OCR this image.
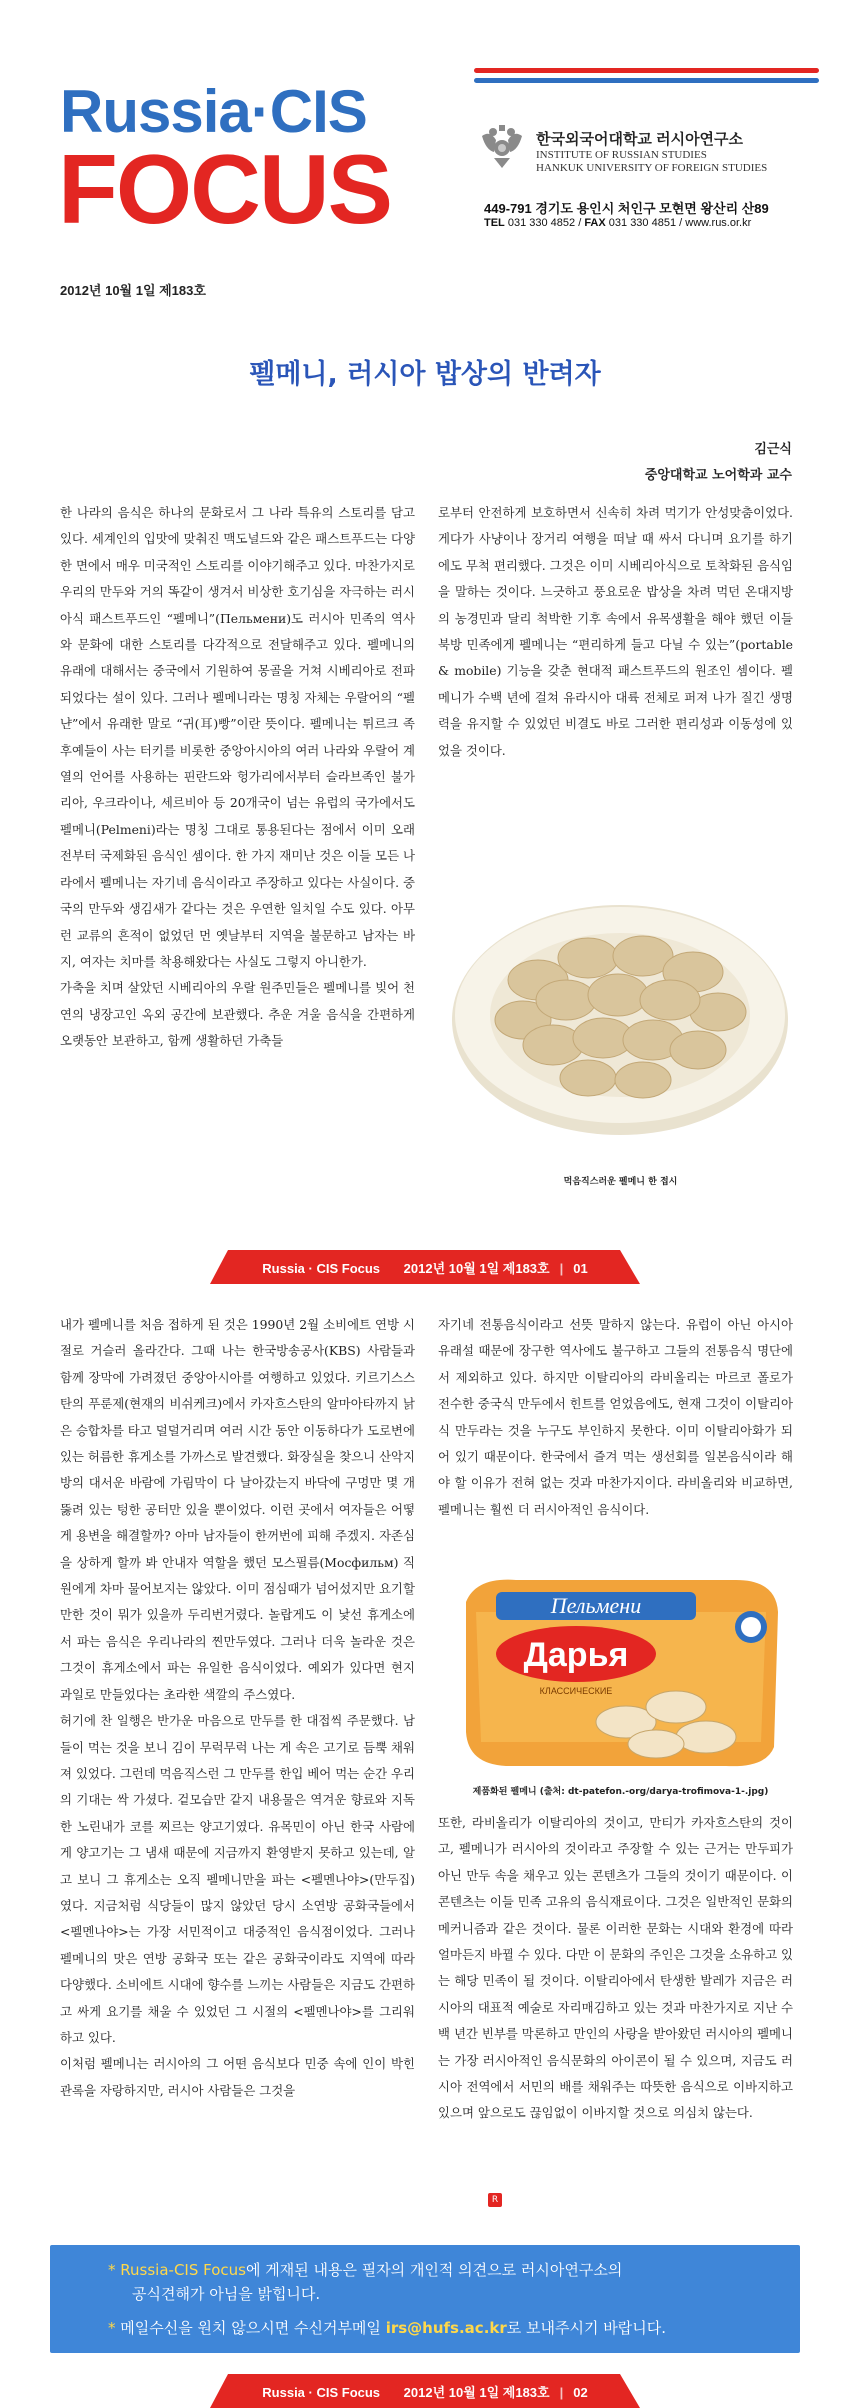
Russia·CIS
FOCUS	한국외국어대학교 러시아연구소
INSTITUTE OF RUSSIAN STUDIES
HANKUK UNIVERSITY OF FOREIGN STUDIES
449-791 경기도 용인시 처인구 모현면 왕산리 산89
TEL 031 330 4852 / FAX 031 330 4851 / www.rus.or.kr
2012년 10월 1일 제183호
펠메니, 러시아 밥상의 반려자
김근식
중앙대학교 노어학과 교수
한 나라의 음식은 하나의 문화로서 그 나라 특유의 스토리를 담고 있다. 세계인의 입맛에 맞춰진 맥도널드와 같은 패스트푸드는 다양한 면에서 매우 미국적인 스토리를 이야기해주고 있다. 마찬가지로 우리의 만두와 거의 똑같이 생겨서 비상한 호기심을 자극하는 러시아식 패스트푸드인 “펠메니”(Пельмени)도 러시아 민족의 역사와 문화에 대한 스토리를 다각적으로 전달해주고 있다. 펠메니의 유래에 대해서는 중국에서 기원하여 몽골을 거쳐 시베리아로 전파되었다는 설이 있다. 그러나 펠메니라는 명칭 자체는 우랄어의 “펠냔”에서 유래한 말로 “귀(耳)빵”이란 뜻이다. 펠메니는 튀르크 족 후예들이 사는 터키를 비롯한 중앙아시아의 여러 나라와 우랄어 계열의 언어를 사용하는 핀란드와 헝가리에서부터 슬라브족인 불가리아, 우크라이나, 세르비아 등 20개국이 넘는 유럽의 국가에서도 펠메니(Pelmeni)라는 명칭 그대로 통용된다는 점에서 이미 오래전부터 국제화된 음식인 셈이다. 한 가지 재미난 것은 이들 모든 나라에서 펠메니는 자기네 음식이라고 주장하고 있다는 사실이다. 중국의 만두와 생김새가 같다는 것은 우연한 일치일 수도 있다. 아무런 교류의 흔적이 없었던 먼 옛날부터 지역을 불문하고 남자는 바지, 여자는 치마를 착용해왔다는 사실도 그렇지 아니한가.
가축을 치며 살았던 시베리아의 우랄 원주민들은 펠메니를 빚어 천연의 냉장고인 옥외 공간에 보관했다. 추운 겨울 음식을 간편하게 오랫동안 보관하고, 함께 생활하던 가축들
로부터 안전하게 보호하면서 신속히 차려 먹기가 안성맞춤이었다. 게다가 사냥이나 장거리 여행을 떠날 때 싸서 다니며 요기를 하기에도 무척 편리했다. 그것은 이미 시베리아식으로 토착화된 음식임을 말하는 것이다. 느긋하고 풍요로운 밥상을 차려 먹던 온대지방의 농경민과 달리 척박한 기후 속에서 유목생활을 해야 했던 이들 북방 민족에게 펠메니는 “편리하게 들고 다닐 수 있는”(portable & mobile) 기능을 갖춘 현대적 패스트푸드의 원조인 셈이다. 펠메니가 수백 년에 걸쳐 유라시아 대륙 전체로 퍼져 나가 질긴 생명력을 유지할 수 있었던 비결도 바로 그러한 편리성과 이동성에 있었을 것이다.
먹음직스러운 펠메니 한 접시
Russia · CIS Focus 2012년 10월 1일 제183호 | 01
내가 펠메니를 처음 접하게 된 것은 1990년 2월 소비에트 연방 시절로 거슬러 올라간다. 그때 나는 한국방송공사(KBS) 사람들과 함께 장막에 가려졌던 중앙아시아를 여행하고 있었다. 키르기스스탄의 푸룬제(현재의 비쉬케크)에서 카자흐스탄의 알마아타까지 낡은 승합차를 타고 덜덜거리며 여러 시간 동안 이동하다가 도로변에 있는 허름한 휴게소를 가까스로 발견했다. 화장실을 찾으니 산악지방의 대서운 바람에 가림막이 다 날아갔는지 바닥에 구멍만 몇 개 뚫려 있는 텅한 공터만 있을 뿐이었다. 이런 곳에서 여자들은 어떻게 용변을 해결할까? 아마 남자들이 한꺼번에 피해 주겠지. 자존심을 상하게 할까 봐 안내자 역할을 했던 모스필름(Мосфильм) 직원에게 차마 물어보지는 않았다. 이미 점심때가 넘어섰지만 요기할 만한 것이 뭐가 있을까 두리번거렸다. 놀랍게도 이 낯선 휴게소에서 파는 음식은 우리나라의 찐만두였다. 그러나 더욱 놀라운 것은 그것이 휴게소에서 파는 유일한 음식이었다. 예외가 있다면 현지 과일로 만들었다는 초라한 색깔의 주스였다.
허기에 찬 일행은 반가운 마음으로 만두를 한 대접씩 주문했다. 남들이 먹는 것을 보니 김이 무럭무럭 나는 게 속은 고기로 듬뿍 채워져 있었다. 그런데 먹음직스런 그 만두를 한입 베어 먹는 순간 우리의 기대는 싹 가셨다. 겉모습만 같지 내용물은 역겨운 향료와 지독한 노린내가 코를 찌르는 양고기였다. 유목민이 아닌 한국 사람에게 양고기는 그 냄새 때문에 지금까지 환영받지 못하고 있는데, 알고 보니 그 휴게소는 오직 펠메니만을 파는 <펠멘나야>(만두집)였다. 지금처럼 식당들이 많지 않았던 당시 소연방 공화국들에서 <펠멘나야>는 가장 서민적이고 대중적인 음식점이었다. 그러나 펠메니의 맛은 연방 공화국 또는 같은 공화국이라도 지역에 따라 다양했다. 소비에트 시대에 향수를 느끼는 사람들은 지금도 간편하고 싸게 요기를 채울 수 있었던 그 시절의 <펠멘나야>를 그리워하고 있다.
이처럼 펠메니는 러시아의 그 어떤 음식보다 민중 속에 인이 박힌 관록을 자랑하지만, 러시아 사람들은 그것을
자기네 전통음식이라고 선뜻 말하지 않는다. 유럽이 아닌 아시아 유래설 때문에 장구한 역사에도 불구하고 그들의 전통음식 명단에서 제외하고 있다. 하지만 이탈리아의 라비올리는 마르코 폴로가 전수한 중국식 만두에서 힌트를 얻었음에도, 현재 그것이 이탈리아식 만두라는 것을 누구도 부인하지 못한다. 이미 이탈리아화가 되어 있기 때문이다. 한국에서 즐겨 먹는 생선회를 일본음식이라 해야 할 이유가 전혀 없는 것과 마찬가지이다. 라비올리와 비교하면, 펠메니는 훨씬 더 러시아적인 음식이다.
Пельмени
Дарья
КЛАССИЧЕСКИЕ
제품화된 펠메니 (출처: dt-patefon.-org/darya-trofimova-1-.jpg)
또한, 라비올리가 이탈리아의 것이고, 만티가 카자흐스탄의 것이고, 펠메니가 러시아의 것이라고 주장할 수 있는 근거는 만두피가 아닌 만두 속을 채우고 있는 콘텐츠가 그들의 것이기 때문이다. 이 콘텐츠는 이들 민족 고유의 음식재료이다. 그것은 일반적인 문화의 메커니즘과 같은 것이다. 물론 이러한 문화는 시대와 환경에 따라 얼마든지 바뀔 수 있다. 다만 이 문화의 주인은 그것을 소유하고 있는 해당 민족이 될 것이다. 이탈리아에서 탄생한 발레가 지금은 러시아의 대표적 예술로 자리매김하고 있는 것과 마찬가지로 지난 수백 년간 빈부를 막론하고 만인의 사랑을 받아왔던 러시아의 펠메니는 가장 러시아적인 음식문화의 아이콘이 될 수 있으며, 지금도 러시아 전역에서 서민의 배를 채워주는 따뜻한 음식으로 이바지하고 있으며 앞으로도 끊임없이 이바지할 것으로 의심치 않는다.
R
* Russia-CIS Focus에 게재된 내용은 필자의 개인적 의견으로 러시아연구소의
공식견해가 아님을 밝힙니다.
* 메일수신을 원치 않으시면 수신거부메일 irs@hufs.ac.kr로 보내주시기 바랍니다.
Russia · CIS Focus 2012년 10월 1일 제183호 | 02
